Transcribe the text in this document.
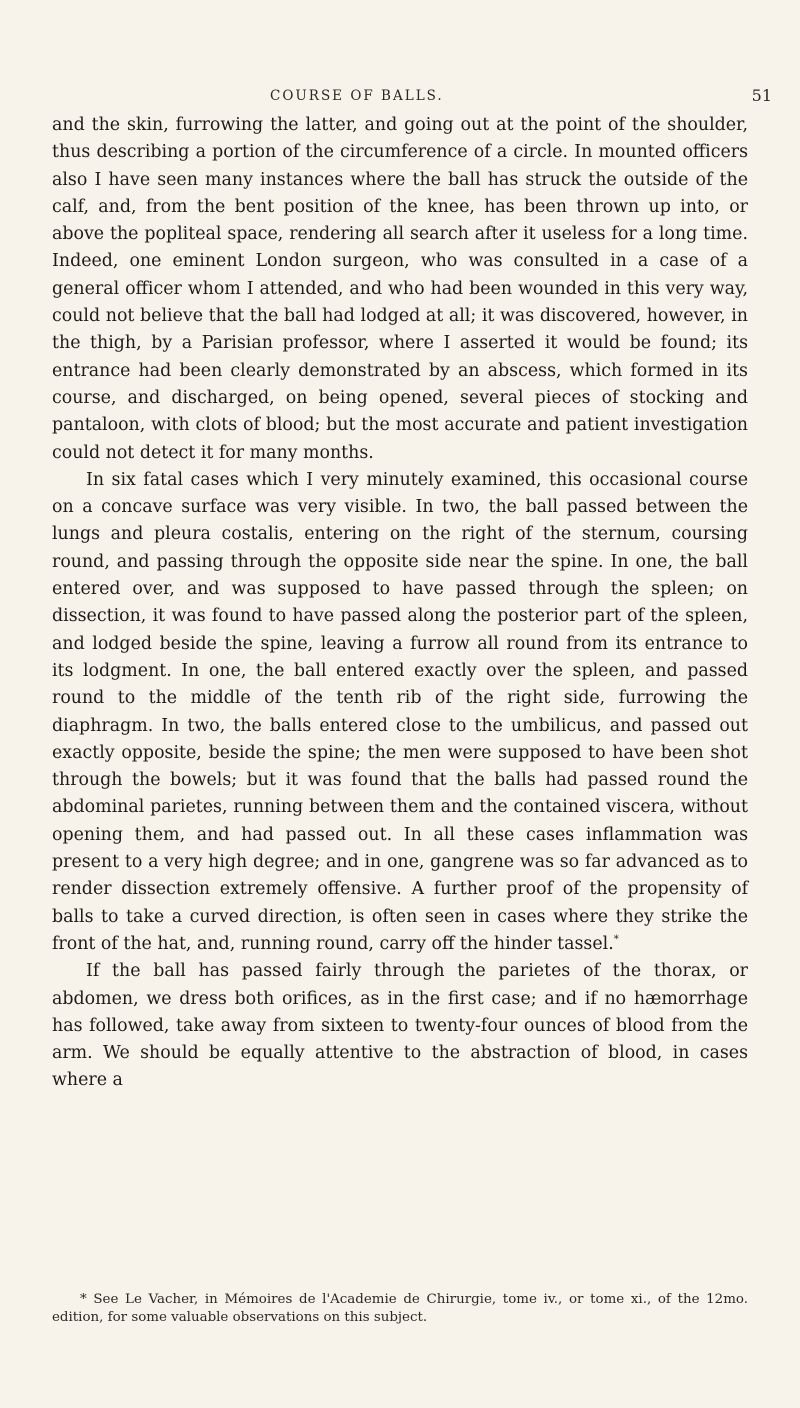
COURSE OF BALLS.	51

and the skin, furrowing the latter, and going out at the point of the shoulder, thus describing a portion of the circumference of a circle. In mounted officers also I have seen many instances where the ball has struck the outside of the calf, and, from the bent position of the knee, has been thrown up into, or above the popliteal space, rendering all search after it useless for a long time. Indeed, one eminent London surgeon, who was consulted in a case of a general officer whom I attended, and who had been wounded in this very way, could not believe that the ball had lodged at all; it was discovered, however, in the thigh, by a Parisian professor, where I asserted it would be found; its entrance had been clearly demonstrated by an abscess, which formed in its course, and discharged, on being opened, several pieces of stocking and pantaloon, with clots of blood; but the most accurate and patient investigation could not detect it for many months.

In six fatal cases which I very minutely examined, this occasional course on a concave surface was very visible. In two, the ball passed between the lungs and pleura costalis, entering on the right of the sternum, coursing round, and passing through the opposite side near the spine. In one, the ball entered over, and was supposed to have passed through the spleen; on dissection, it was found to have passed along the posterior part of the spleen, and lodged beside the spine, leaving a furrow all round from its entrance to its lodgment. In one, the ball entered exactly over the spleen, and passed round to the middle of the tenth rib of the right side, furrowing the diaphragm. In two, the balls entered close to the umbilicus, and passed out exactly opposite, beside the spine; the men were supposed to have been shot through the bowels; but it was found that the balls had passed round the abdominal parietes, running between them and the contained viscera, without opening them, and had passed out. In all these cases inflammation was present to a very high degree; and in one, gangrene was so far advanced as to render dissection extremely offensive. A further proof of the propensity of balls to take a curved direction, is often seen in cases where they strike the front of the hat, and, running round, carry off the hinder tassel.*

If the ball has passed fairly through the parietes of the thorax, or abdomen, we dress both orifices, as in the first case; and if no hæmorrhage has followed, take away from sixteen to twenty-four ounces of blood from the arm. We should be equally attentive to the abstraction of blood, in cases where a

* See Le Vacher, in Mémoires de l'Academie de Chirurgie, tome iv., or tome xi., of the 12mo. edition, for some valuable observations on this subject.
